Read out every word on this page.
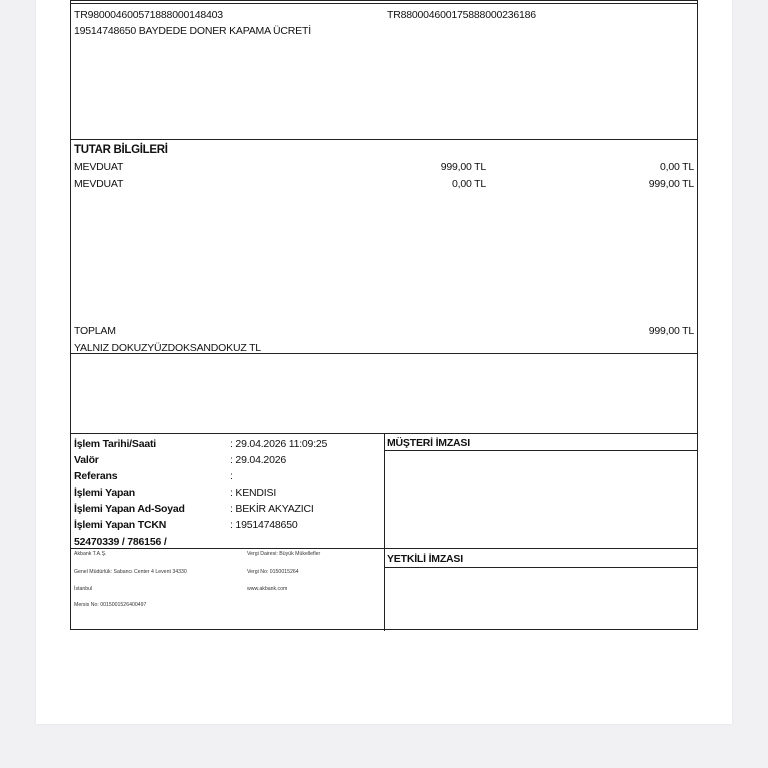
TR980004600571888000148403	TR880004600175888000236186
19514748650 BAYDEDE DONER KAPAMA ÜCRETİ
TUTAR BİLGİLERİ
MEVDUAT	999,00 TL	0,00 TL
MEVDUAT	0,00 TL	999,00 TL
TOPLAM	999,00 TL
YALNIZ DOKUZYÜZDOKSANDOKUZ TL
İşlem Tarihi/Saati	: 29.04.2026 11:09:25
Valör	: 29.04.2026
Referans	:
İşlemi Yapan	: KENDISI
İşlemi Yapan Ad-Soyad	: BEKİR AKYAZICI
İşlemi Yapan TCKN	: 19514748650
52470339 / 786156 /
MÜŞTERİ İMZASI
YETKİLİ İMZASI
Akbank T.A.Ş.
Genel Müdürlük: Sabancı Center 4 Levent 34330
İstanbul
Mersis No: 0015001526400497
Vergi Dairesi: Büyük Mükellefler
Vergi No: 0150015264
www.akbank.com
